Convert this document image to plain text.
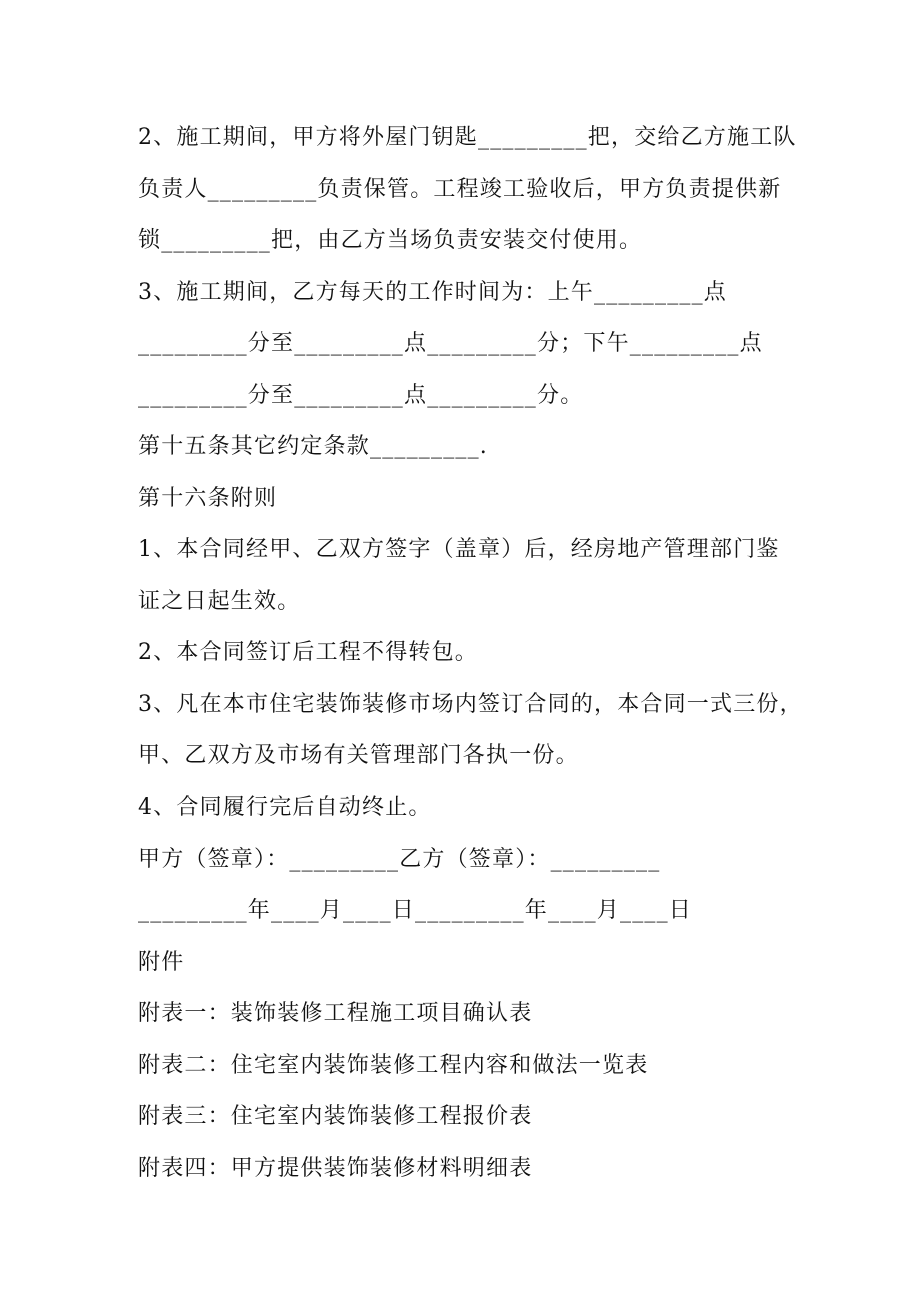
2、施工期间，甲方将外屋门钥匙_________把，交给乙方施工队

负责人_________负责保管。工程竣工验收后，甲方负责提供新

锁_________把，由乙方当场负责安装交付使用。

3、施工期间，乙方每天的工作时间为：上午_________点

_________分至_________点_________分；下午_________点

_________分至_________点_________分。

第十五条其它约定条款_________.

第十六条附则

1、本合同经甲、乙双方签字（盖章）后，经房地产管理部门鉴

证之日起生效。

2、本合同签订后工程不得转包。

3、凡在本市住宅装饰装修市场内签订合同的，本合同一式三份，

甲、乙双方及市场有关管理部门各执一份。

4、合同履行完后自动终止。

甲方（签章）：_________乙方（签章）：_________

_________年____月____日_________年____月____日

附件

附表一：装饰装修工程施工项目确认表

附表二：住宅室内装饰装修工程内容和做法一览表

附表三：住宅室内装饰装修工程报价表

附表四：甲方提供装饰装修材料明细表
